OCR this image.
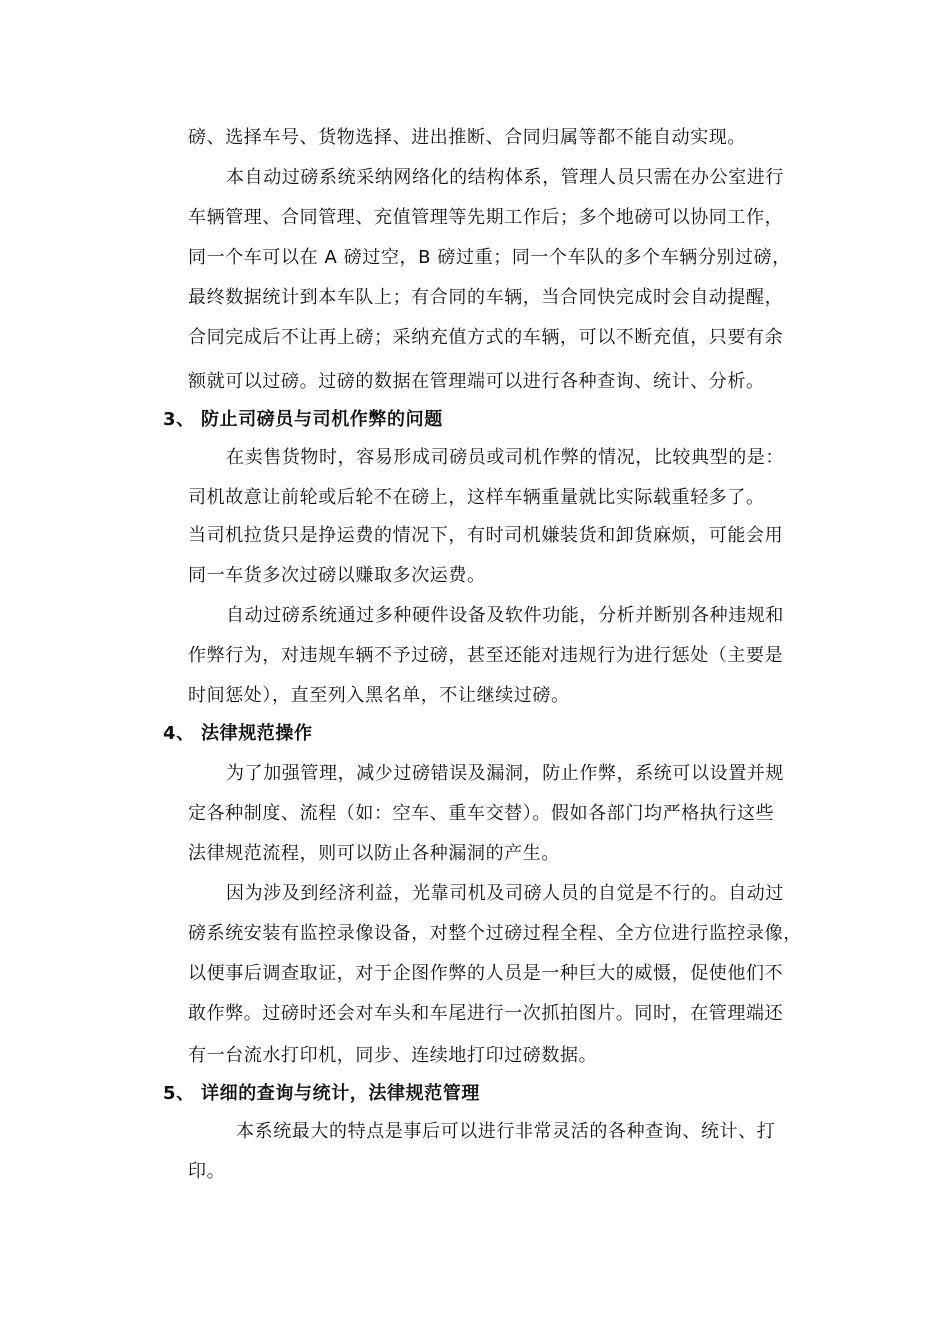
磅、选择车号、货物选择、进出推断、合同归属等都不能自动实现。
本自动过磅系统采纳网络化的结构体系，管理人员只需在办公室进行
车辆管理、合同管理、充值管理等先期工作后；多个地磅可以协同工作，
同一个车可以在 A 磅过空，B 磅过重；同一个车队的多个车辆分别过磅，
最终数据统计到本车队上；有合同的车辆，当合同快完成时会自动提醒，
合同完成后不让再上磅；采纳充值方式的车辆，可以不断充值，只要有余
额就可以过磅。过磅的数据在管理端可以进行各种查询、统计、分析。
3、 防止司磅员与司机作弊的问题
在卖售货物时，容易形成司磅员或司机作弊的情况，比较典型的是：
司机故意让前轮或后轮不在磅上，这样车辆重量就比实际载重轻多了。
当司机拉货只是挣运费的情况下，有时司机嫌装货和卸货麻烦，可能会用
同一车货多次过磅以赚取多次运费。
自动过磅系统通过多种硬件设备及软件功能，分析并断别各种违规和
作弊行为，对违规车辆不予过磅，甚至还能对违规行为进行惩处（主要是
时间惩处），直至列入黑名单，不让继续过磅。
4、 法律规范操作
为了加强管理，减少过磅错误及漏洞，防止作弊，系统可以设置并规
定各种制度、流程（如：空车、重车交替）。假如各部门均严格执行这些
法律规范流程，则可以防止各种漏洞的产生。
因为涉及到经济利益，光靠司机及司磅人员的自觉是不行的。自动过
磅系统安装有监控录像设备，对整个过磅过程全程、全方位进行监控录像，
以便事后调查取证，对于企图作弊的人员是一种巨大的威慑，促使他们不
敢作弊。过磅时还会对车头和车尾进行一次抓拍图片。同时，在管理端还
有一台流水打印机，同步、连续地打印过磅数据。
5、 详细的查询与统计，法律规范管理
本系统最大的特点是事后可以进行非常灵活的各种查询、统计、打
印。
